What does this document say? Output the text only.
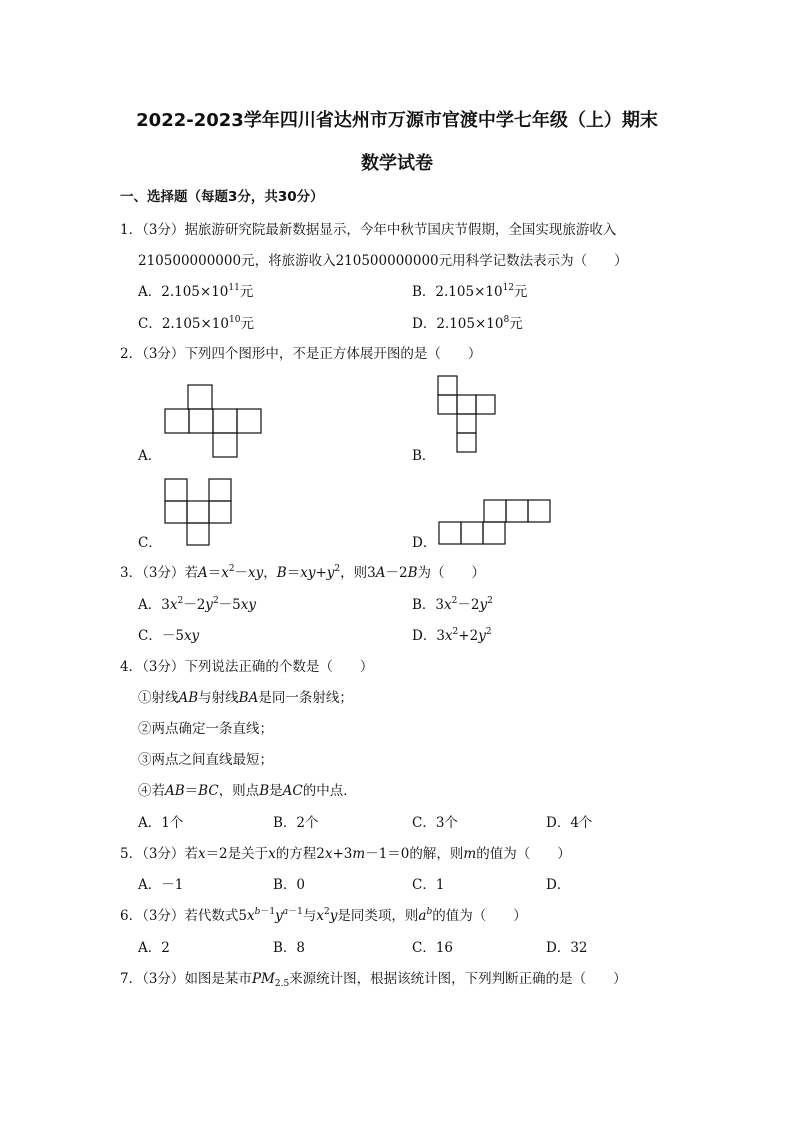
2022-2023学年四川省达州市万源市官渡中学七年级（上）期末
数学试卷
一、选择题（每题3分，共30分）
1．（3分）据旅游研究院最新数据显示，今年中秋节国庆节假期，全国实现旅游收入
210500000000元，将旅游收入210500000000元用科学记数法表示为（　　）
A．$2.105\times 10^{11}$元	B．$2.105\times 10^{12}$元
C．$2.105\times 10^{10}$元	D．$2.105\times 10^8$元
2．（3分）下列四个图形中，不是正方体展开图的是（　　）
A．	B．
C．	D．
3．（3分）若$A=x^2-xy$，$B=xy+y^2$，则3A－2B为（　　）
A．$3x^2-2y^2-5xy$	B．$3x^2-2y^2$
C．－5xy	D．$3x^2+2y^2$
4．（3分）下列说法正确的个数是（　　）
①射线AB与射线BA是同一条射线；
②两点确定一条直线；
③两点之间直线最短；
④若AB＝BC，则点B是AC的中点．
A．1个	B．2个	C．3个	D．4个
5．（3分）若x＝2是关于x的方程2x+3m－1＝0的解，则m的值为（　　）
A．－1	B．0	C．1	D．
6．（3分）若代数式$5x^{b-1}y^{a-1}$与$x^2y$是同类项，则$a^b$的值为（　　）
A．2	B．8	C．16	D．32
7．（3分）如图是某市$PM_{2.5}$来源统计图，根据该统计图，下列判断正确的是（　　）
